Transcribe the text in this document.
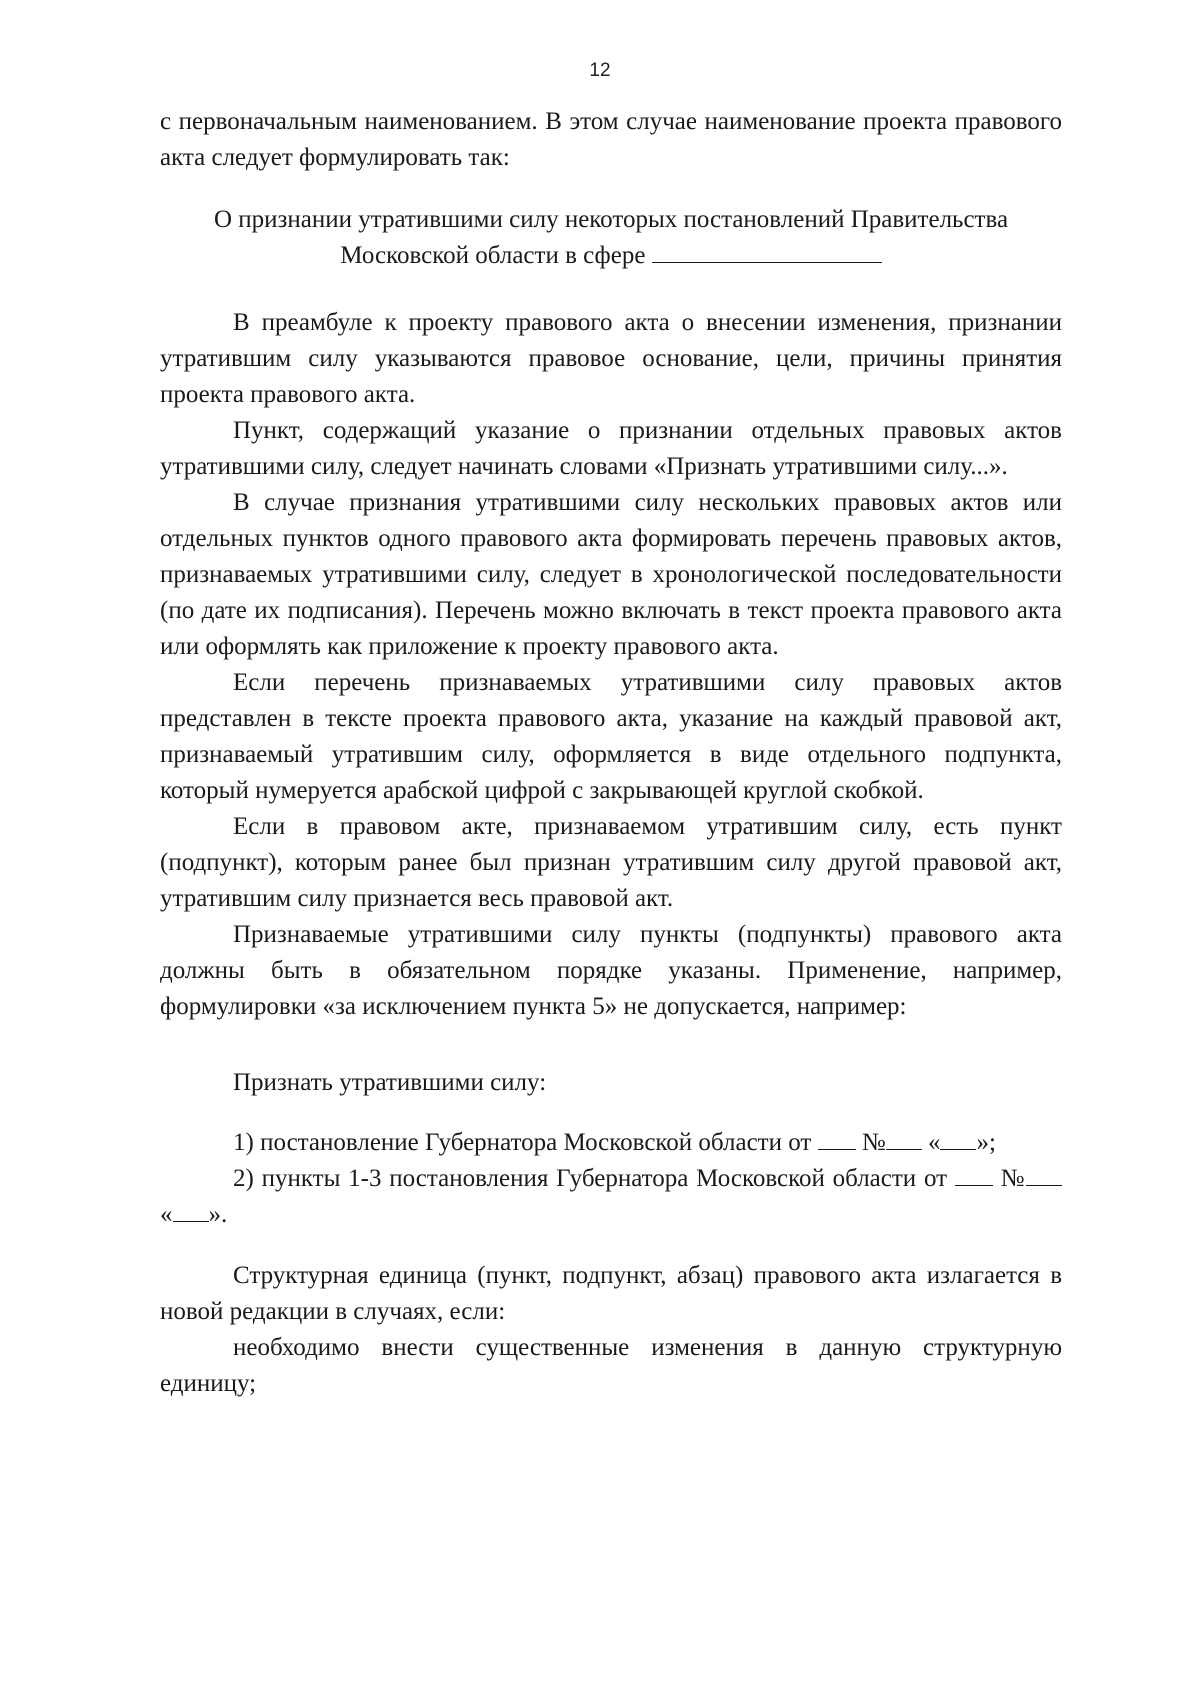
12

с первоначальным наименованием. В этом случае наименование проекта правового акта следует формулировать так:

О признании утратившими силу некоторых постановлений Правительства

Московской области в сфере

В преамбуле к проекту правового акта о внесении изменения, признании утратившим силу указываются правовое основание, цели, причины принятия проекта правового акта.

Пункт, содержащий указание о признании отдельных правовых актов утратившими силу, следует начинать словами «Признать утратившими силу...».

В случае признания утратившими силу нескольких правовых актов или отдельных пунктов одного правового акта формировать перечень правовых актов, признаваемых утратившими силу, следует в хронологической последовательности (по дате их подписания). Перечень можно включать в текст проекта правового акта или оформлять как приложение к проекту правового акта.

Если перечень признаваемых утратившими силу правовых актов представлен в тексте проекта правового акта, указание на каждый правовой акт, признаваемый утратившим силу, оформляется в виде отдельного подпункта, который нумеруется арабской цифрой с закрывающей круглой скобкой.

Если в правовом акте, признаваемом утратившим силу, есть пункт (подпункт), которым ранее был признан утратившим силу другой правовой акт, утратившим силу признается весь правовой акт.

Признаваемые утратившими силу пункты (подпункты) правового акта должны быть в обязательном порядке указаны. Применение, например, формулировки «за исключением пункта 5» не допускается, например:

Признать утратившими силу:

1) постановление Губернатора Московской области от № « »;

2) пункты 1-3 постановления Губернатора Московской области от № « ».

Структурная единица (пункт, подпункт, абзац) правового акта излагается в новой редакции в случаях, если:

необходимо внести существенные изменения в данную структурную единицу;
